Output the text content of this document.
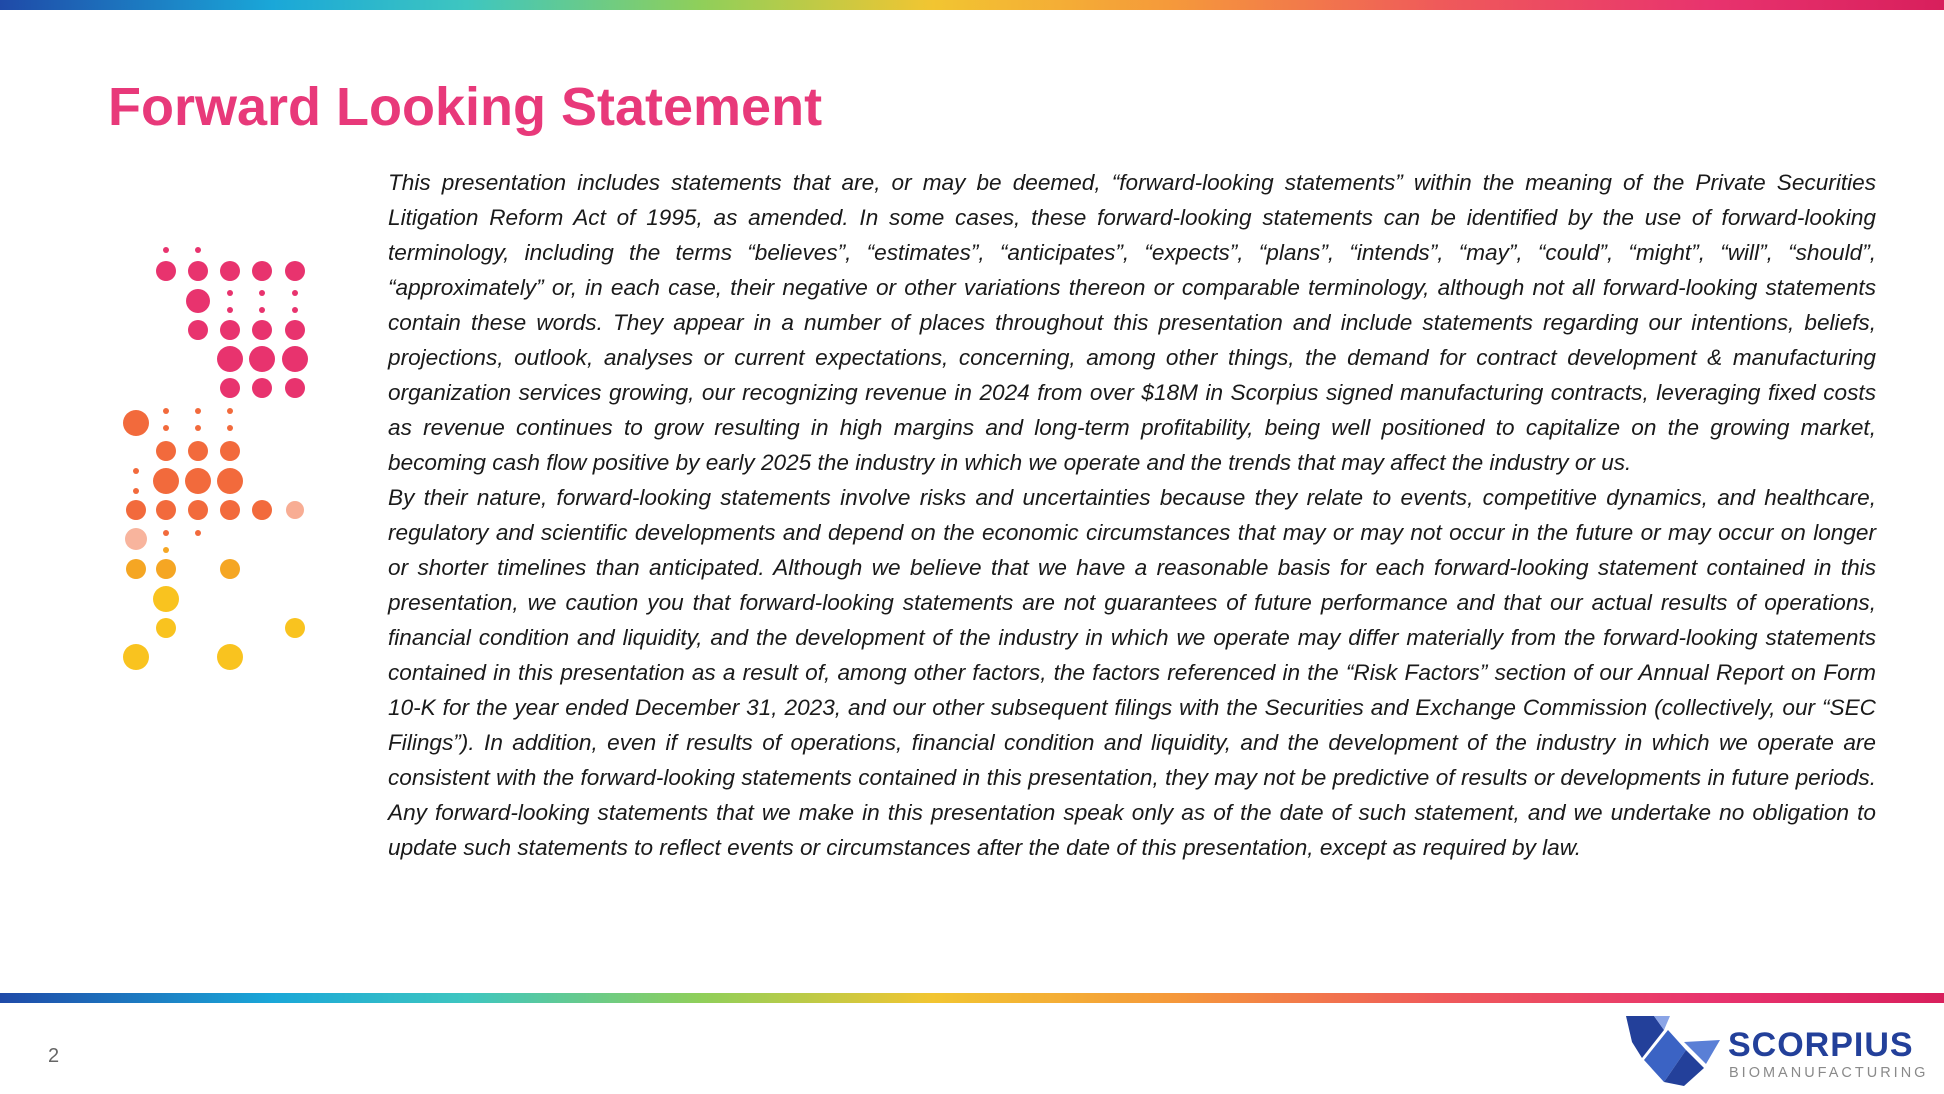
Forward Looking Statement

This presentation includes statements that are, or may be deemed, “forward-looking statements” within the meaning of the Private Securities Litigation Reform Act of 1995, as amended. In some cases, these forward-looking statements can be identified by the use of forward-looking terminology, including the terms “believes”, “estimates”, “anticipates”, “expects”, “plans”, “intends”, “may”, “could”, “might”, “will”, “should”, “approximately” or, in each case, their negative or other variations thereon or comparable terminology, although not all forward-looking statements contain these words. They appear in a number of places throughout this presentation and include statements regarding our intentions, beliefs, projections, outlook, analyses or current expectations, concerning, among other things, the demand for contract development & manufacturing organization services growing, our recognizing revenue in 2024 from over $18M in Scorpius signed manufacturing contracts, leveraging fixed costs as revenue continues to grow resulting in high margins and long-term profitability, being well positioned to capitalize on the growing market, becoming cash flow positive by early 2025 the industry in which we operate and the trends that may affect the industry or us.

By their nature, forward-looking statements involve risks and uncertainties because they relate to events, competitive dynamics, and healthcare, regulatory and scientific developments and depend on the economic circumstances that may or may not occur in the future or may occur on longer or shorter timelines than anticipated. Although we believe that we have a reasonable basis for each forward-looking statement contained in this presentation, we caution you that forward-looking statements are not guarantees of future performance and that our actual results of operations, financial condition and liquidity, and the development of the industry in which we operate may differ materially from the forward-looking statements contained in this presentation as a result of, among other factors, the factors referenced in the “Risk Factors” section of our Annual Report on Form 10-K for the year ended December 31, 2023, and our other subsequent filings with the Securities and Exchange Commission (collectively, our “SEC Filings”). In addition, even if results of operations, financial condition and liquidity, and the development of the industry in which we operate are consistent with the forward-looking statements contained in this presentation, they may not be predictive of results or developments in future periods. Any forward-looking statements that we make in this presentation speak only as of the date of such statement, and we undertake no obligation to update such statements to reflect events or circumstances after the date of this presentation, except as required by law.

2	SCORPIUS
BIOMANUFACTURING
